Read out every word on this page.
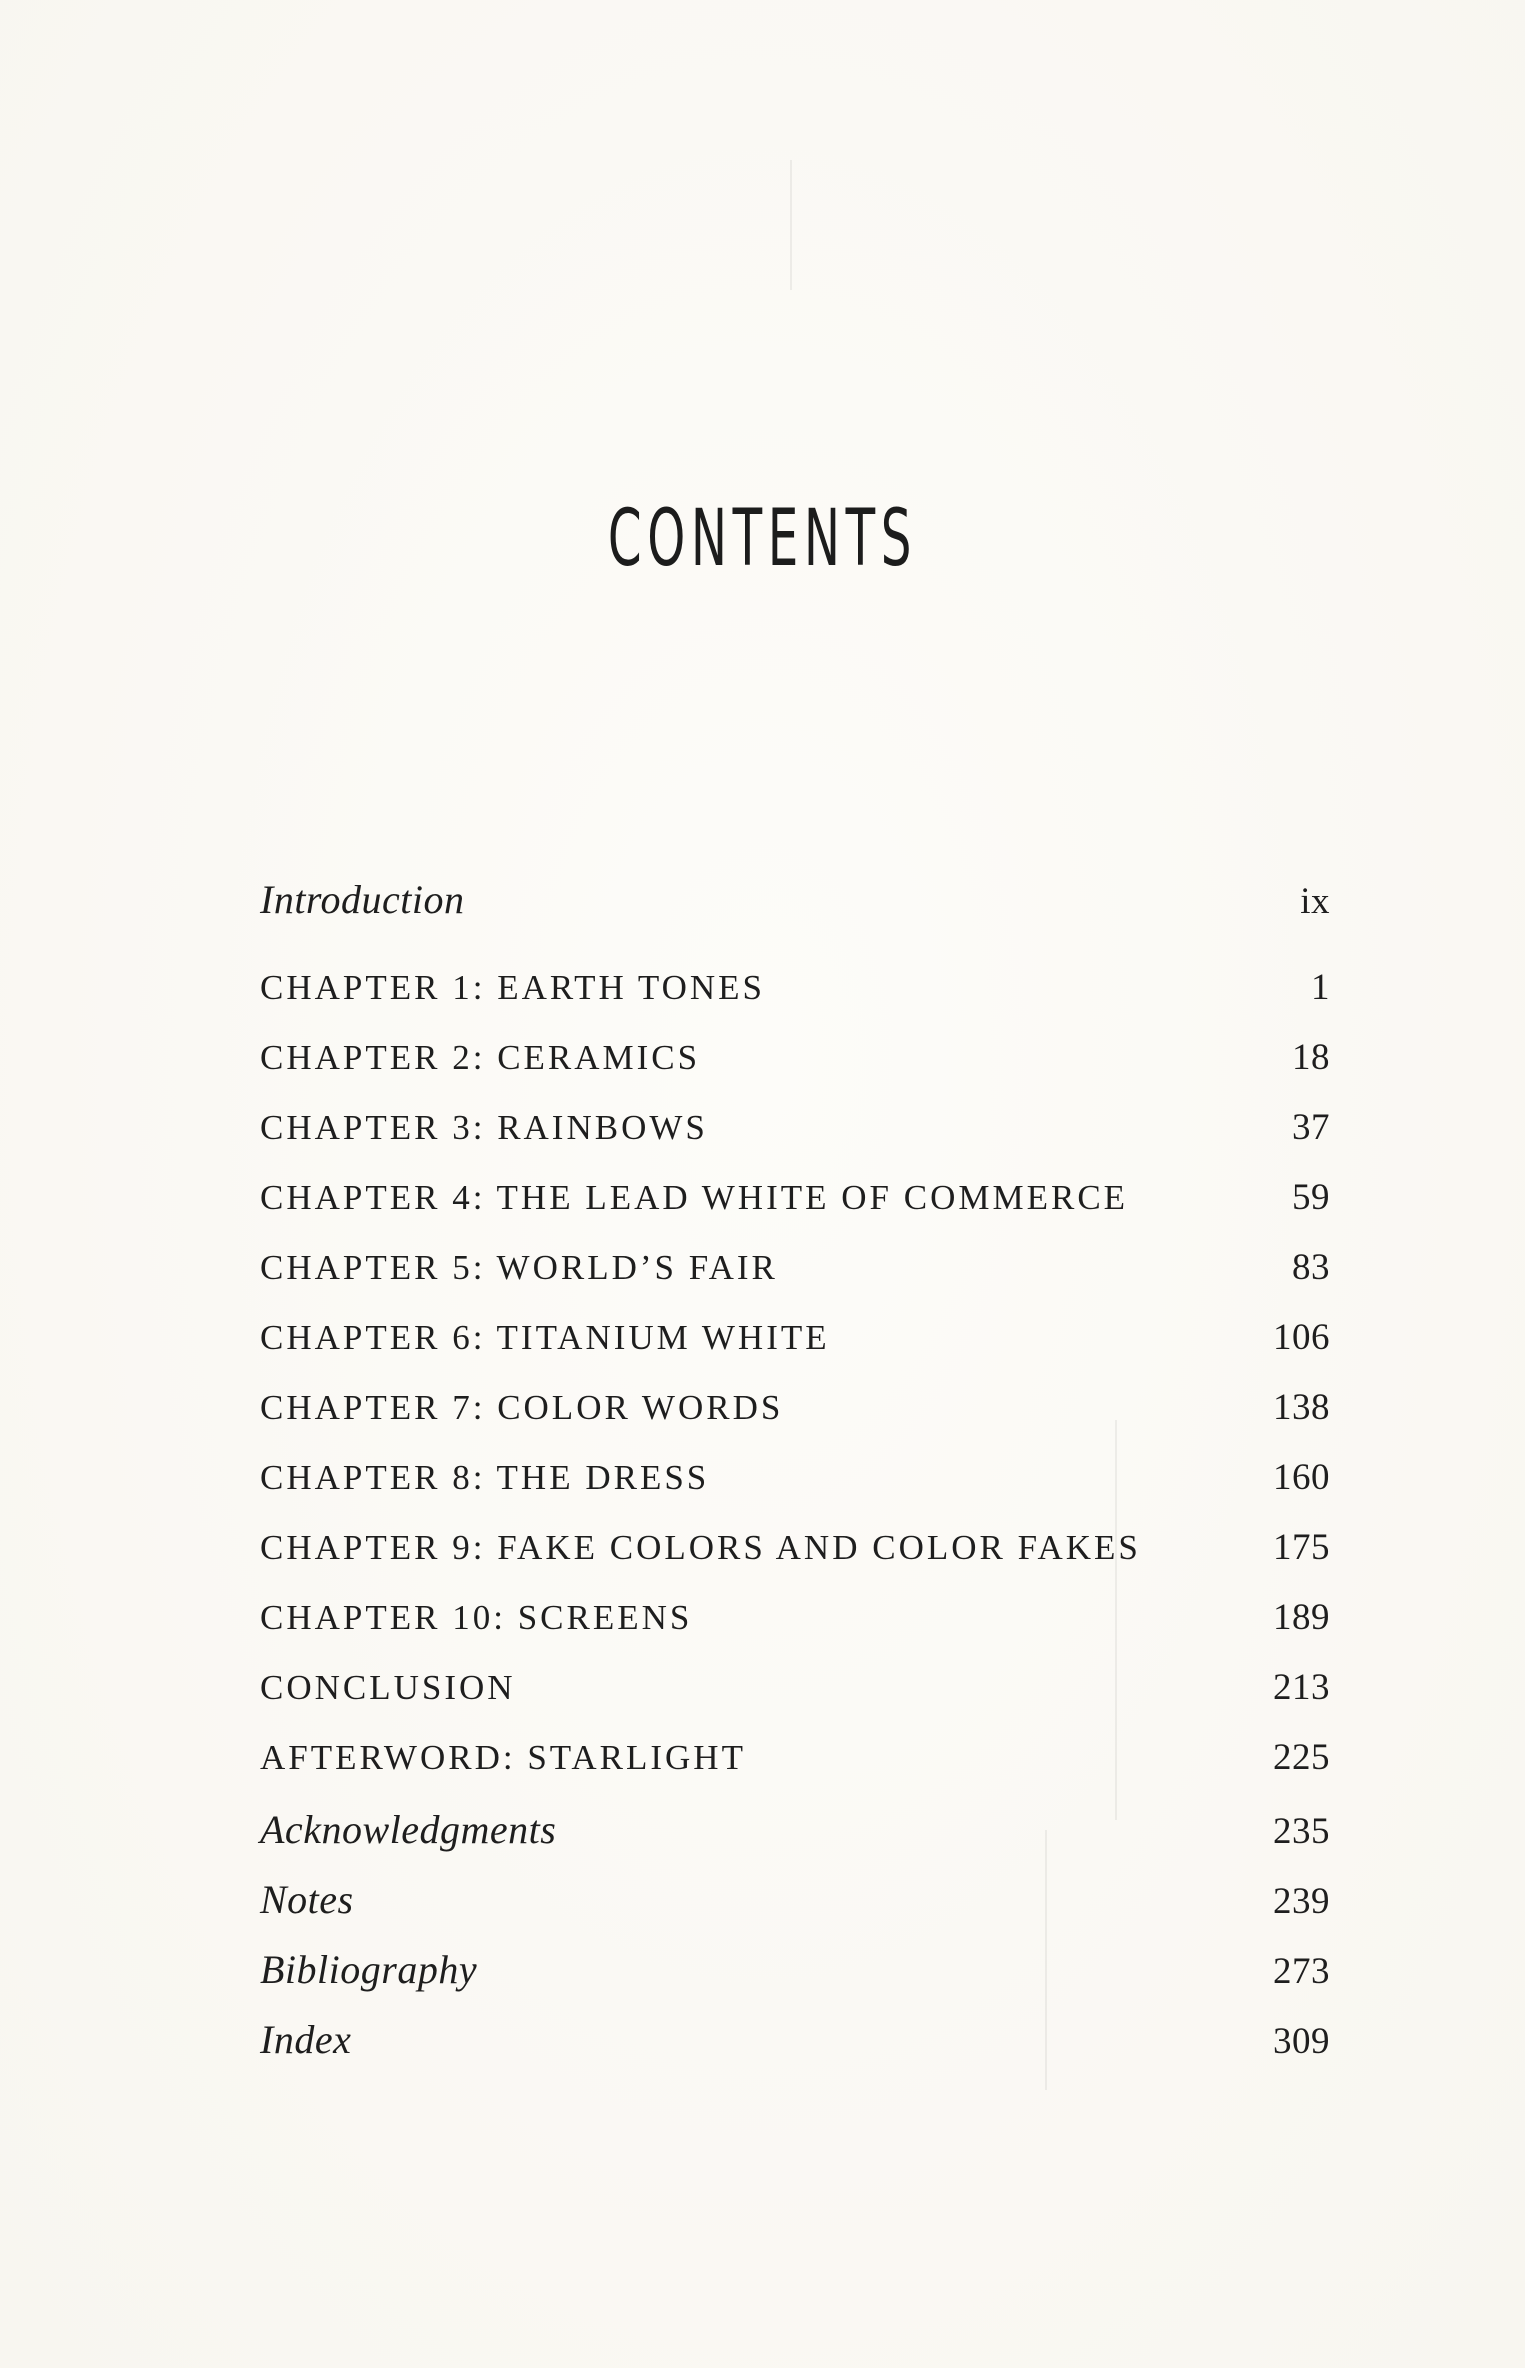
CONTENTS
Introduction	ix
CHAPTER 1: EARTH TONES	1
CHAPTER 2: CERAMICS	18
CHAPTER 3: RAINBOWS	37
CHAPTER 4: THE LEAD WHITE OF COMMERCE	59
CHAPTER 5: WORLD’S FAIR	83
CHAPTER 6: TITANIUM WHITE	106
CHAPTER 7: COLOR WORDS	138
CHAPTER 8: THE DRESS	160
CHAPTER 9: FAKE COLORS AND COLOR FAKES	175
CHAPTER 10: SCREENS	189
CONCLUSION	213
AFTERWORD: STARLIGHT	225
Acknowledgments	235
Notes	239
Bibliography	273
Index	309
